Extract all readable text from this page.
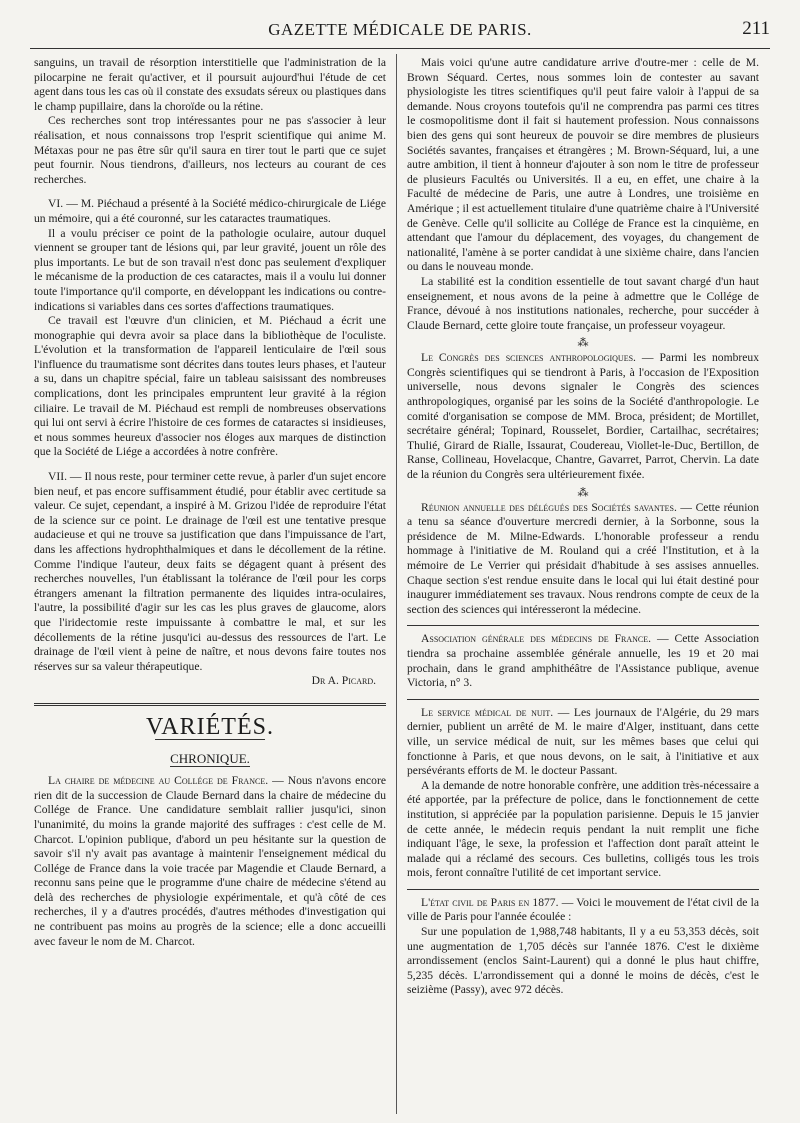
GAZETTE MÉDICALE DE PARIS.	211

sanguins, un travail de résorption interstitielle que l'administration de la pilocarpine ne ferait qu'activer, et il poursuit aujourd'hui l'étude de cet agent dans tous les cas où il constate des exsudats séreux ou plastiques dans le champ pupillaire, dans la choroïde ou la rétine.

Ces recherches sont trop intéressantes pour ne pas s'associer à leur réalisation, et nous connaissons trop l'esprit scientifique qui anime M. Métaxas pour ne pas être sûr qu'il saura en tirer tout le parti que ce sujet peut fournir. Nous tiendrons, d'ailleurs, nos lecteurs au courant de ces recherches.

VI. — M. Piéchaud a présenté à la Société médico-chirurgicale de Liége un mémoire, qui a été couronné, sur les cataractes traumatiques.

Il a voulu préciser ce point de la pathologie oculaire, autour duquel viennent se grouper tant de lésions qui, par leur gravité, jouent un rôle des plus importants. Le but de son travail n'est donc pas seulement d'expliquer le mécanisme de la production de ces cataractes, mais il a voulu lui donner toute l'importance qu'il comporte, en développant les indications ou contre-indications si variables dans ces sortes d'affections traumatiques.

Ce travail est l'œuvre d'un clinicien, et M. Piéchaud a écrit une monographie qui devra avoir sa place dans la bibliothèque de l'oculiste. L'évolution et la transformation de l'appareil lenticulaire de l'œil sous l'influence du traumatisme sont décrites dans toutes leurs phases, et l'auteur a su, dans un chapitre spécial, faire un tableau saisissant des nombreuses complications, dont les principales empruntent leur gravité à la région ciliaire. Le travail de M. Piéchaud est rempli de nombreuses observations qui lui ont servi à écrire l'histoire de ces formes de cataractes si insidieuses, et nous sommes heureux d'associer nos éloges aux marques de distinction que la Société de Liége a accordées à notre confrère.

VII. — Il nous reste, pour terminer cette revue, à parler d'un sujet encore bien neuf, et pas encore suffisamment étudié, pour établir avec certitude sa valeur. Ce sujet, cependant, a inspiré à M. Grizou l'idée de reproduire l'état de la science sur ce point. Le drainage de l'œil est une tentative presque audacieuse et qui ne trouve sa justification que dans l'impuissance de l'art, dans les affections hydrophthalmiques et dans le décollement de la rétine. Comme l'indique l'auteur, deux faits se dégagent quant à présent des recherches nouvelles, l'un établissant la tolérance de l'œil pour les corps étrangers amenant la filtration permanente des liquides intra-oculaires, l'autre, la possibilité d'agir sur les cas les plus graves de glaucome, alors que l'iridectomie reste impuissante à combattre le mal, et sur les décollements de la rétine jusqu'ici au-dessus des ressources de l'art. Le drainage de l'œil vient à peine de naître, et nous devons faire toutes nos réserves sur sa valeur thérapeutique.

Dr A. Picard.

VARIÉTÉS.
CHRONIQUE.

La chaire de médecine au Collége de France. — Nous n'avons encore rien dit de la succession de Claude Bernard dans la chaire de médecine du Collége de France. Une candidature semblait rallier jusqu'ici, sinon l'unanimité, du moins la grande majorité des suffrages : c'est celle de M. Charcot. L'opinion publique, d'abord un peu hésitante sur la question de savoir s'il n'y avait pas avantage à maintenir l'enseignement médical du Collége de France dans la voie tracée par Magendie et Claude Bernard, a reconnu sans peine que le programme d'une chaire de médecine s'étend au delà des recherches de physiologie expérimentale, et qu'à côté de ces recherches, il y a d'autres procédés, d'autres méthodes d'investigation qui ne contribuent pas moins au progrès de la science; elle a donc accueilli avec faveur le nom de M. Charcot.

Mais voici qu'une autre candidature arrive d'outre-mer : celle de M. Brown Séquard. Certes, nous sommes loin de contester au savant physiologiste les titres scientifiques qu'il peut faire valoir à l'appui de sa demande. Nous croyons toutefois qu'il ne comprendra pas parmi ces titres le cosmopolitisme dont il fait si hautement profession. Nous connaissons bien des gens qui sont heureux de pouvoir se dire membres de plusieurs Sociétés savantes, françaises et étrangères ; M. Brown-Séquard, lui, a une autre ambition, il tient à honneur d'ajouter à son nom le titre de professeur de plusieurs Facultés ou Universités. Il a eu, en effet, une chaire à la Faculté de médecine de Paris, une autre à Londres, une troisième en Amérique ; il est actuellement titulaire d'une quatrième chaire à l'Université de Genève. Celle qu'il sollicite au Collége de France est la cinquième, en attendant que l'amour du déplacement, des voyages, du changement de nationalité, l'amène à se porter candidat à une sixième chaire, dans l'ancien ou dans le nouveau monde.

La stabilité est la condition essentielle de tout savant chargé d'un haut enseignement, et nous avons de la peine à admettre que le Collége de France, dévoué à nos institutions nationales, recherche, pour succéder à Claude Bernard, cette gloire toute française, un professeur voyageur.

⁂

Le Congrès des sciences anthropologiques. — Parmi les nombreux Congrès scientifiques qui se tiendront à Paris, à l'occasion de l'Exposition universelle, nous devons signaler le Congrès des sciences anthropologiques, organisé par les soins de la Société d'anthropologie. Le comité d'organisation se compose de MM. Broca, président; de Mortillet, secrétaire général; Topinard, Rousselet, Bordier, Cartailhac, secrétaires; Thulié, Girard de Rialle, Issaurat, Coudereau, Viollet-le-Duc, Bertillon, de Ranse, Collineau, Hovelacque, Chantre, Gavarret, Parrot, Chervin. La date de la réunion du Congrès sera ultérieurement fixée.

⁂

Réunion annuelle des délégués des Sociétés savantes. — Cette réunion a tenu sa séance d'ouverture mercredi dernier, à la Sorbonne, sous la présidence de M. Milne-Edwards. L'honorable professeur a rendu hommage à l'initiative de M. Rouland qui a créé l'Institution, et à la mémoire de Le Verrier qui présidait d'habitude à ses assises annuelles. Chaque section s'est rendue ensuite dans le local qui lui était destiné pour inaugurer immédiatement ses travaux. Nous rendrons compte de ceux de la section des sciences qui intéresseront la médecine.

Association générale des médecins de France. — Cette Association tiendra sa prochaine assemblée générale annuelle, les 19 et 20 mai prochain, dans le grand amphithéâtre de l'Assistance publique, avenue Victoria, n° 3.

Le service médical de nuit. — Les journaux de l'Algérie, du 29 mars dernier, publient un arrêté de M. le maire d'Alger, instituant, dans cette ville, un service médical de nuit, sur les mêmes bases que celui qui fonctionne à Paris, et que nous devons, on le sait, à l'initiative et aux persévérants efforts de M. le docteur Passant.

A la demande de notre honorable confrère, une addition très-nécessaire a été apportée, par la préfecture de police, dans le fonctionnement de cette institution, si appréciée par la population parisienne. Depuis le 15 janvier de cette année, le médecin requis pendant la nuit remplit une fiche indiquant l'âge, le sexe, la profession et l'affection dont paraît atteint le malade qui a réclamé des secours. Ces bulletins, colligés tous les trois mois, feront connaître l'utilité de cet important service.

L'état civil de Paris en 1877. — Voici le mouvement de l'état civil de la ville de Paris pour l'année écoulée :

Sur une population de 1,988,748 habitants, Il y a eu 53,353 décès, soit une augmentation de 1,705 décès sur l'année 1876. C'est le dixième arrondissement (enclos Saint-Laurent) qui a donné le plus haut chiffre, 5,235 décès. L'arrondissement qui a donné le moins de décès, c'est le seizième (Passy), avec 972 décès.
